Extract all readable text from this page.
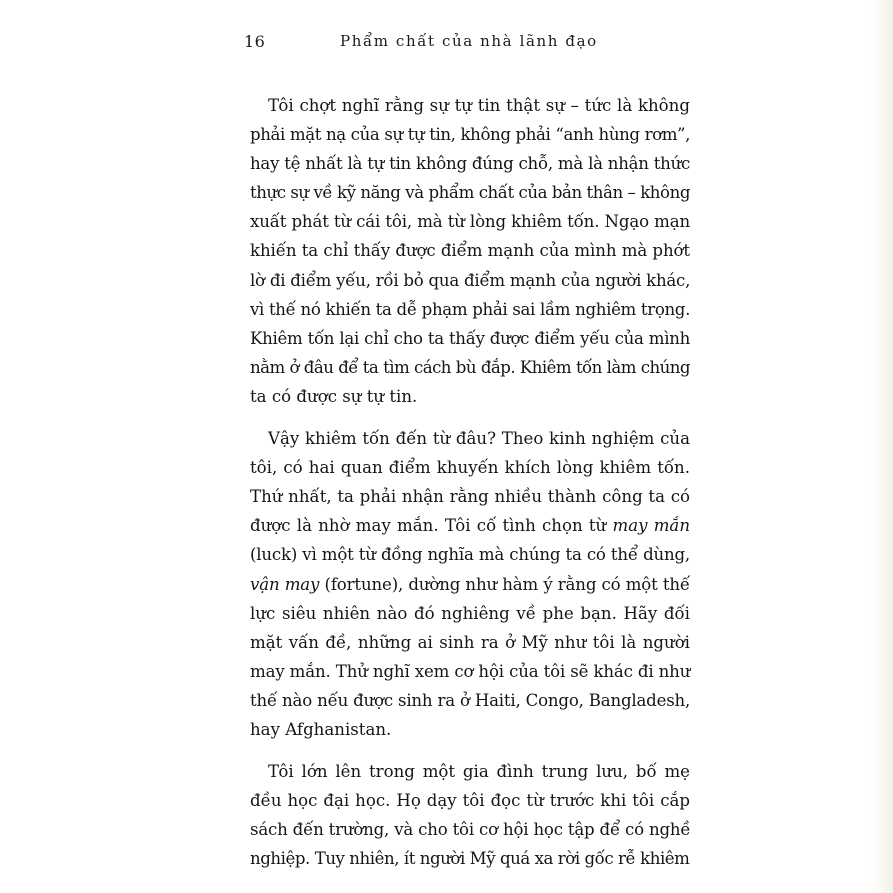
16	Phẩm chất của nhà lãnh đạo
Tôi chợt nghĩ rằng sự tự tin thật sự – tức là không
phải mặt nạ của sự tự tin, không phải “anh hùng rơm”,
hay tệ nhất là tự tin không đúng chỗ, mà là nhận thức
thực sự về kỹ năng và phẩm chất của bản thân – không
xuất phát từ cái tôi, mà từ lòng khiêm tốn. Ngạo mạn
khiến ta chỉ thấy được điểm mạnh của mình mà phớt
lờ đi điểm yếu, rồi bỏ qua điểm mạnh của người khác,
vì thế nó khiến ta dễ phạm phải sai lầm nghiêm trọng.
Khiêm tốn lại chỉ cho ta thấy được điểm yếu của mình
nằm ở đâu để ta tìm cách bù đắp. Khiêm tốn làm chúng
ta có được sự tự tin.
Vậy khiêm tốn đến từ đâu? Theo kinh nghiệm của
tôi, có hai quan điểm khuyến khích lòng khiêm tốn.
Thứ nhất, ta phải nhận rằng nhiều thành công ta có
được là nhờ may mắn. Tôi cố tình chọn từ may mắn
(luck) vì một từ đồng nghĩa mà chúng ta có thể dùng,
vận may (fortune), dường như hàm ý rằng có một thế
lực siêu nhiên nào đó nghiêng về phe bạn. Hãy đối
mặt vấn đề, những ai sinh ra ở Mỹ như tôi là người
may mắn. Thử nghĩ xem cơ hội của tôi sẽ khác đi như
thế nào nếu được sinh ra ở Haiti, Congo, Bangladesh,
hay Afghanistan.
Tôi lớn lên trong một gia đình trung lưu, bố mẹ
đều học đại học. Họ dạy tôi đọc từ trước khi tôi cắp
sách đến trường, và cho tôi cơ hội học tập để có nghề
nghiệp. Tuy nhiên, ít người Mỹ quá xa rời gốc rễ khiêm
